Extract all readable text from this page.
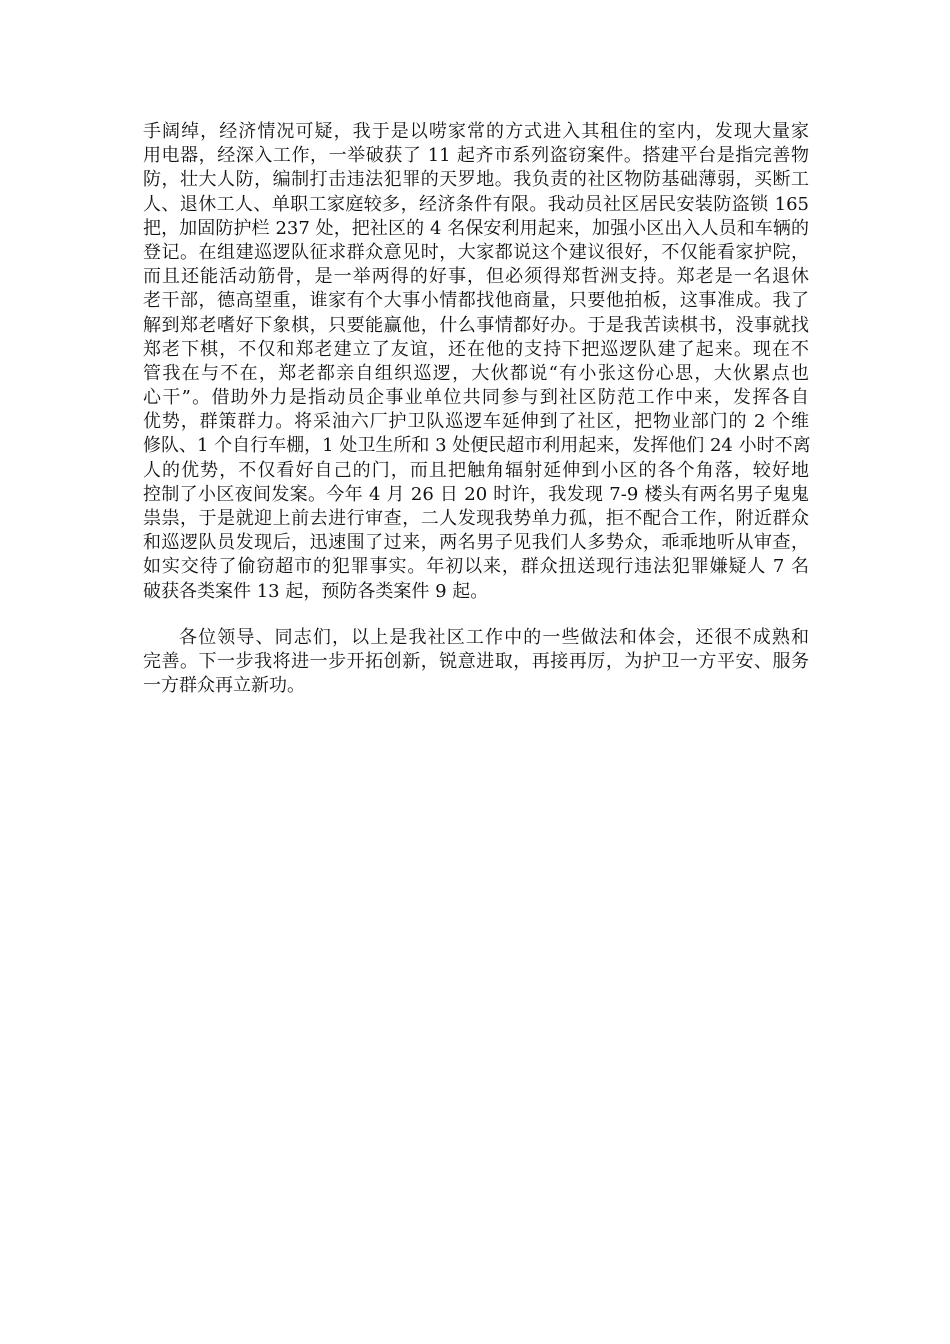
手阔绰，经济情况可疑，我于是以唠家常的方式进入其租住的室内，发现大量家
用电器，经深入工作，一举破获了 11 起齐市系列盗窃案件。搭建平台是指完善物
防，壮大人防，编制打击违法犯罪的天罗地。我负责的社区物防基础薄弱，买断工
人、退休工人、单职工家庭较多，经济条件有限。我动员社区居民安装防盗锁 165
把，加固防护栏 237 处，把社区的 4 名保安利用起来，加强小区出入人员和车辆的
登记。在组建巡逻队征求群众意见时，大家都说这个建议很好，不仅能看家护院，
而且还能活动筋骨，是一举两得的好事，但必须得郑哲洲支持。郑老是一名退休
老干部，德高望重，谁家有个大事小情都找他商量，只要他拍板，这事准成。我了
解到郑老嗜好下象棋，只要能赢他，什么事情都好办。于是我苦读棋书，没事就找
郑老下棋，不仅和郑老建立了友谊，还在他的支持下把巡逻队建了起来。现在不
管我在与不在，郑老都亲自组织巡逻，大伙都说“有小张这份心思，大伙累点也
心干”。借助外力是指动员企事业单位共同参与到社区防范工作中来，发挥各自
优势，群策群力。将采油六厂护卫队巡逻车延伸到了社区，把物业部门的 2 个维
修队、1 个自行车棚，1 处卫生所和 3 处便民超市利用起来，发挥他们 24 小时不离
人的优势，不仅看好自己的门，而且把触角辐射延伸到小区的各个角落，较好地
控制了小区夜间发案。今年 4 月 26 日 20 时许，我发现 7-9 楼头有两名男子鬼鬼
祟祟，于是就迎上前去进行审查，二人发现我势单力孤，拒不配合工作，附近群众
和巡逻队员发现后，迅速围了过来，两名男子见我们人多势众，乖乖地听从审查，
如实交待了偷窃超市的犯罪事实。年初以来，群众扭送现行违法犯罪嫌疑人 7 名
破获各类案件 13 起，预防各类案件 9 起。
各位领导、同志们，以上是我社区工作中的一些做法和体会，还很不成熟和
完善。下一步我将进一步开拓创新，锐意进取，再接再厉，为护卫一方平安、服务
一方群众再立新功。
